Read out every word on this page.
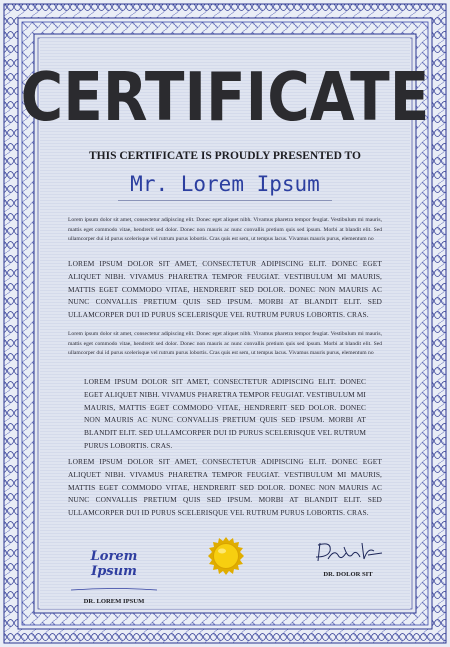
CERTIFICATE
THIS CERTIFICATE IS PROUDLY PRESENTED TO
Mr. Lorem Ipsum

Lorem ipsum dolor sit amet, consectetur adipiscing elit. Donec eget aliquet nibh. Vivamus pharetra tempor feugiat. Vestibulum mi mauris, mattis eget commodo vitae, hendrerit sed dolor. Donec non mauris ac nunc convallis pretium quis sed ipsum. Morbi at blandit elit. Sed ullamcorper dui id purus scelerisque vel rutrum purus lobortis. Cras quis est sem, ut tempus lacus. Vivamus mauris purus, elementum no

LOREM IPSUM DOLOR SIT AMET, CONSECTETUR ADIPISCING ELIT. DONEC EGET ALIQUET NIBH. VIVAMUS PHARETRA TEMPOR FEUGIAT. VESTIBULUM MI MAURIS, MATTIS EGET COMMODO VITAE, HENDRERIT SED DOLOR. DONEC NON MAURIS AC NUNC CONVALLIS PRETIUM QUIS SED IPSUM. MORBI AT BLANDIT ELIT. SED ULLAMCORPER DUI ID PURUS SCELERISQUE VEL RUTRUM PURUS LOBORTIS. CRAS.

Lorem ipsum dolor sit amet, consectetur adipiscing elit. Donec eget aliquet nibh. Vivamus pharetra tempor feugiat. Vestibulum mi mauris, mattis eget commodo vitae, hendrerit sed dolor. Donec non mauris ac nunc convallis pretium quis sed ipsum. Morbi at blandit elit. Sed ullamcorper dui id purus scelerisque vel rutrum purus lobortis. Cras quis est sem, ut tempus lacus. Vivamus mauris purus, elementum no

LOREM IPSUM DOLOR SIT AMET, CONSECTETUR ADIPISCING ELIT. DONEC EGET ALIQUET NIBH. VIVAMUS PHARETRA TEMPOR FEUGIAT. VESTIBULUM MI MAURIS, MATTIS EGET COMMODO VITAE, HENDRERIT SED DOLOR. DONEC NON MAURIS AC NUNC CONVALLIS PRETIUM QUIS SED IPSUM. MORBI AT BLANDIT ELIT. SED ULLAMCORPER DUI ID PURUS SCELERISQUE VEL RUTRUM PURUS LOBORTIS. CRAS.

LOREM IPSUM DOLOR SIT AMET, CONSECTETUR ADIPISCING ELIT. DONEC EGET ALIQUET NIBH. VIVAMUS PHARETRA TEMPOR FEUGIAT. VESTIBULUM MI MAURIS, MATTIS EGET COMMODO VITAE, HENDRERIT SED DOLOR. DONEC NON MAURIS AC NUNC CONVALLIS PRETIUM QUIS SED IPSUM. MORBI AT BLANDIT ELIT. SED ULLAMCORPER DUI ID PURUS SCELERISQUE VEL RUTRUM PURUS LOBORTIS. CRAS.

Lorem Ipsum
DR. LOREM IPSUM
DR. DOLOR SIT
